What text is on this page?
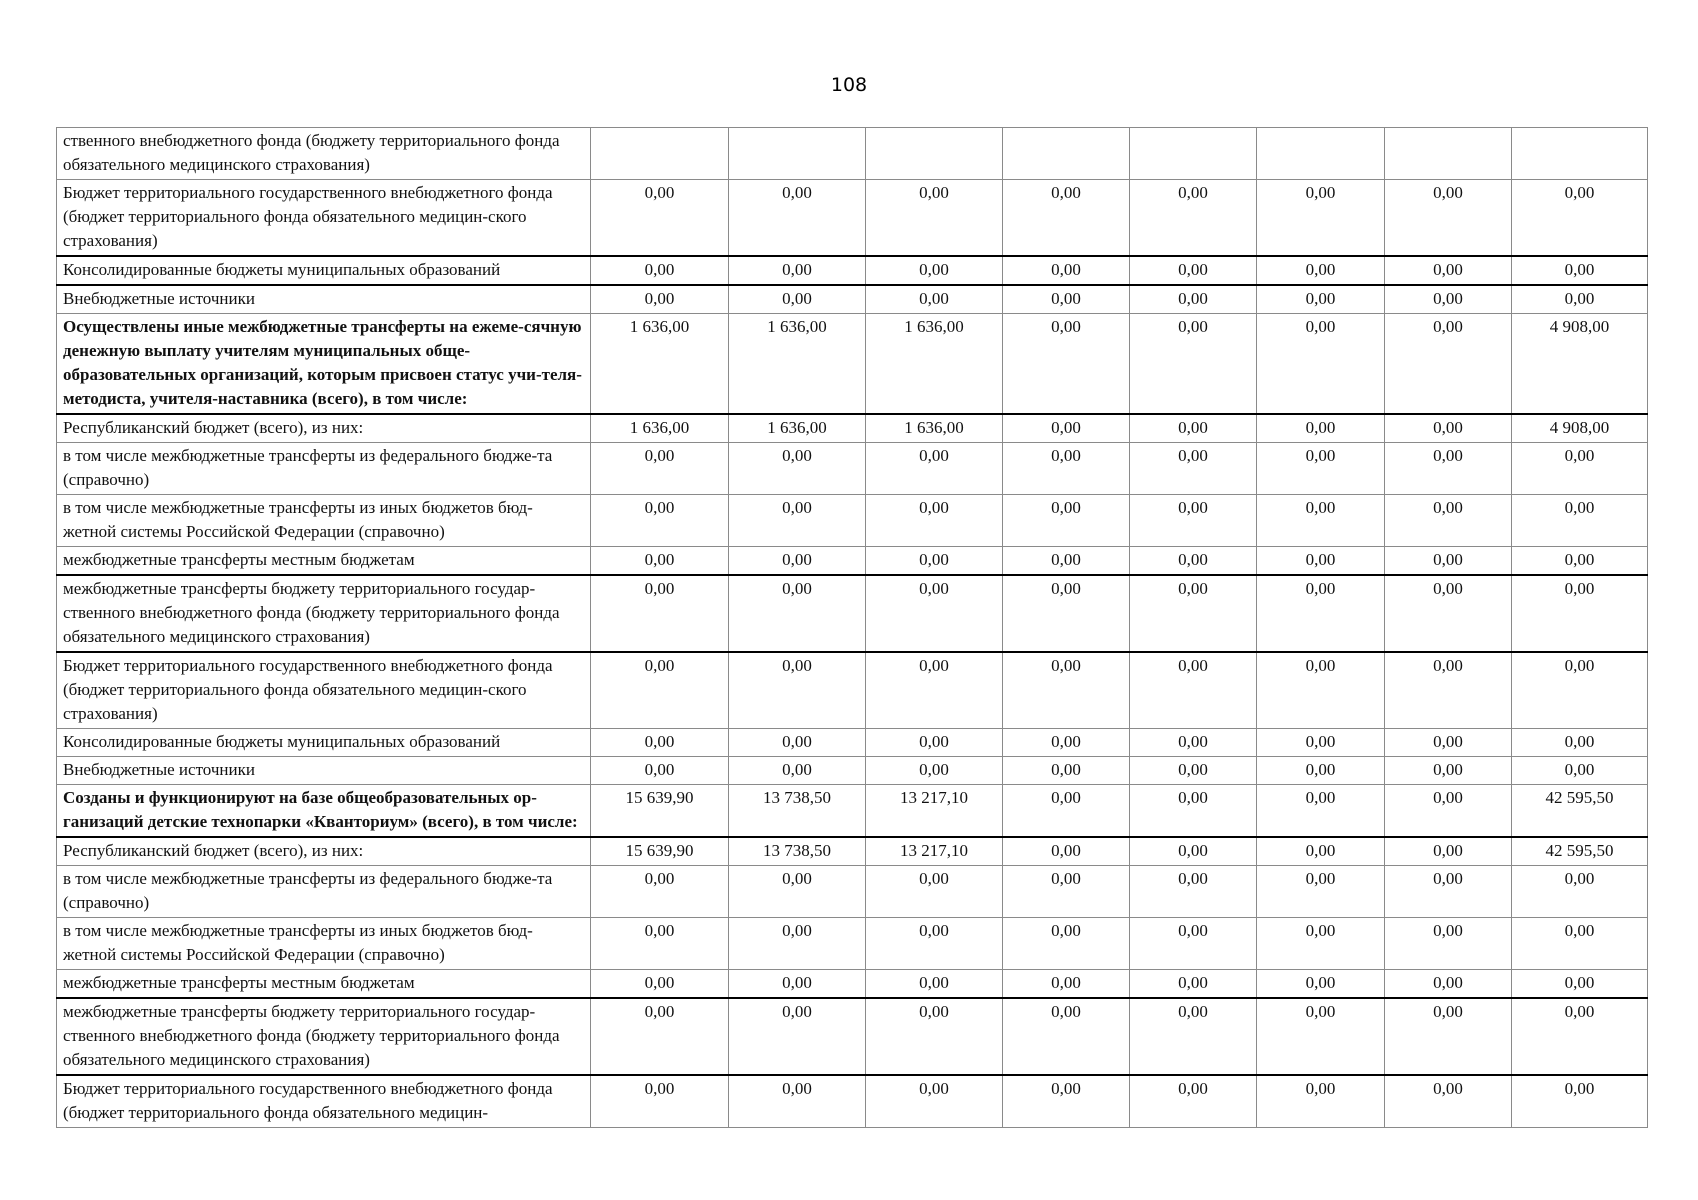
108
ственного внебюджетного фонда (бюджету территориального фонда обязательного медицинского страхования)								
Бюджет территориального государственного внебюджетного фонда (бюджет территориального фонда обязательного медицин-ского страхования)	0,00	0,00	0,00	0,00	0,00	0,00	0,00	0,00
Консолидированные бюджеты муниципальных образований	0,00	0,00	0,00	0,00	0,00	0,00	0,00	0,00
Внебюджетные источники	0,00	0,00	0,00	0,00	0,00	0,00	0,00	0,00
Осуществлены иные межбюджетные трансферты на ежеме-сячную денежную выплату учителям муниципальных обще-образовательных организаций, которым присвоен статус учи-теля-методиста, учителя-наставника (всего), в том числе:	1 636,00	1 636,00	1 636,00	0,00	0,00	0,00	0,00	4 908,00
Республиканский бюджет (всего), из них:	1 636,00	1 636,00	1 636,00	0,00	0,00	0,00	0,00	4 908,00
в том числе межбюджетные трансферты из федерального бюдже-та (справочно)	0,00	0,00	0,00	0,00	0,00	0,00	0,00	0,00
в том числе межбюджетные трансферты из иных бюджетов бюд-жетной системы Российской Федерации (справочно)	0,00	0,00	0,00	0,00	0,00	0,00	0,00	0,00
межбюджетные трансферты местным бюджетам	0,00	0,00	0,00	0,00	0,00	0,00	0,00	0,00
межбюджетные трансферты бюджету территориального государ-ственного внебюджетного фонда (бюджету территориального фонда обязательного медицинского страхования)	0,00	0,00	0,00	0,00	0,00	0,00	0,00	0,00
Бюджет территориального государственного внебюджетного фонда (бюджет территориального фонда обязательного медицин-ского страхования)	0,00	0,00	0,00	0,00	0,00	0,00	0,00	0,00
Консолидированные бюджеты муниципальных образований	0,00	0,00	0,00	0,00	0,00	0,00	0,00	0,00
Внебюджетные источники	0,00	0,00	0,00	0,00	0,00	0,00	0,00	0,00
Созданы и функционируют на базе общеобразовательных ор-ганизаций детские технопарки «Кванториум» (всего), в том числе:	15 639,90	13 738,50	13 217,10	0,00	0,00	0,00	0,00	42 595,50
Республиканский бюджет (всего), из них:	15 639,90	13 738,50	13 217,10	0,00	0,00	0,00	0,00	42 595,50
в том числе межбюджетные трансферты из федерального бюдже-та (справочно)	0,00	0,00	0,00	0,00	0,00	0,00	0,00	0,00
в том числе межбюджетные трансферты из иных бюджетов бюд-жетной системы Российской Федерации (справочно)	0,00	0,00	0,00	0,00	0,00	0,00	0,00	0,00
межбюджетные трансферты местным бюджетам	0,00	0,00	0,00	0,00	0,00	0,00	0,00	0,00
межбюджетные трансферты бюджету территориального государ-ственного внебюджетного фонда (бюджету территориального фонда обязательного медицинского страхования)	0,00	0,00	0,00	0,00	0,00	0,00	0,00	0,00
Бюджет территориального государственного внебюджетного фонда (бюджет территориального фонда обязательного медицин-	0,00	0,00	0,00	0,00	0,00	0,00	0,00	0,00
